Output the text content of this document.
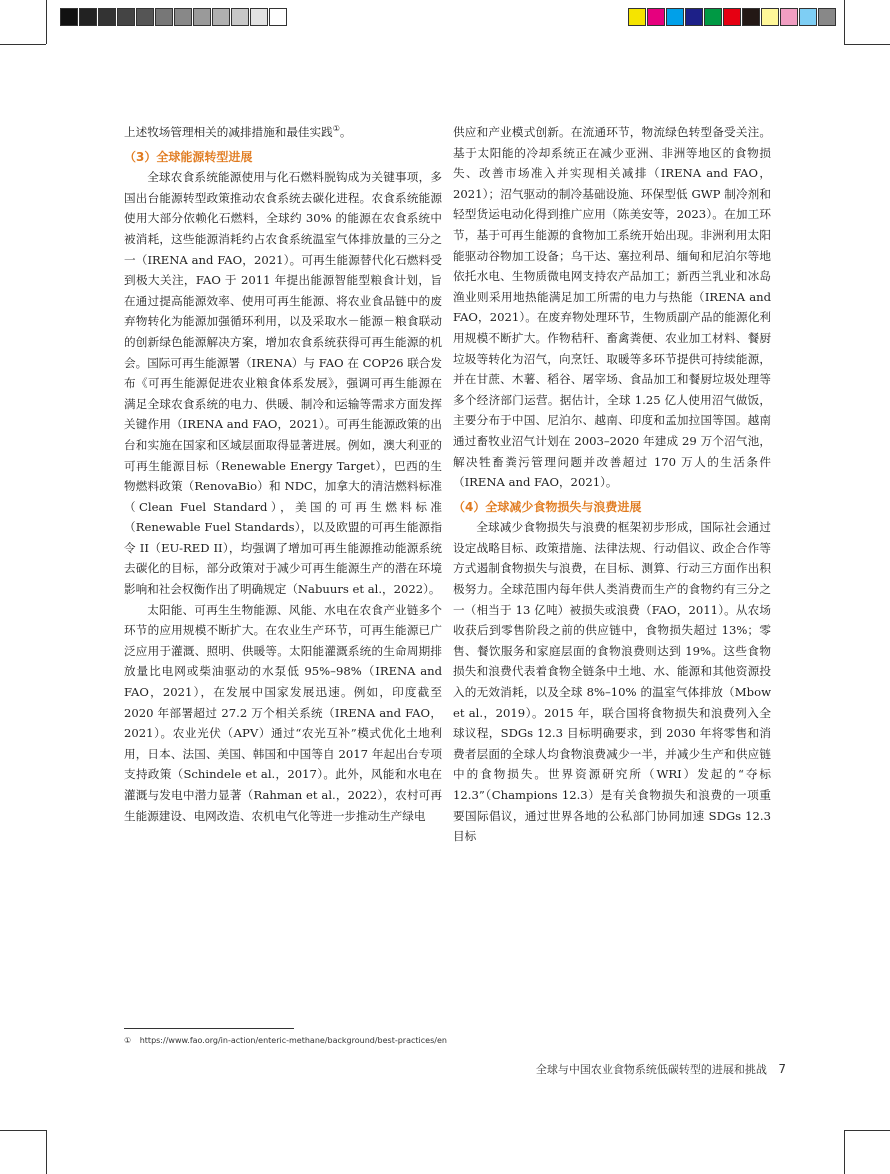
上述牧场管理相关的减排措施和最佳实践①。

（3）全球能源转型进展

全球农食系统能源使用与化石燃料脱钩成为关键事项，多国出台能源转型政策推动农食系统去碳化进程。农食系统能源使用大部分依赖化石燃料，全球约 30% 的能源在农食系统中被消耗，这些能源消耗约占农食系统温室气体排放量的三分之一（IRENA and FAO，2021）。可再生能源替代化石燃料受到极大关注，FAO 于 2011 年提出能源智能型粮食计划，旨在通过提高能源效率、使用可再生能源、将农业食品链中的废弃物转化为能源加强循环利用，以及采取水－能源－粮食联动的创新绿色能源解决方案，增加农食系统获得可再生能源的机会。国际可再生能源署（IRENA）与 FAO 在 COP26 联合发布《可再生能源促进农业粮食体系发展》，强调可再生能源在满足全球农食系统的电力、供暖、制冷和运输等需求方面发挥关键作用（IRENA and FAO，2021）。可再生能源政策的出台和实施在国家和区域层面取得显著进展。例如，澳大利亚的可再生能源目标（Renewable Energy Target），巴西的生物燃料政策（RenovaBio）和 NDC，加拿大的清洁燃料标准（Clean Fuel Standard），美国的可再生燃料标准（Renewable Fuel Standards），以及欧盟的可再生能源指令 II（EU-RED II），均强调了增加可再生能源推动能源系统去碳化的目标，部分政策对于减少可再生能源生产的潜在环境影响和社会权衡作出了明确规定（Nabuurs et al.，2022）。

太阳能、可再生生物能源、风能、水电在农食产业链多个环节的应用规模不断扩大。在农业生产环节，可再生能源已广泛应用于灌溉、照明、供暖等。太阳能灌溉系统的生命周期排放量比电网或柴油驱动的水泵低 95%–98%（IRENA and FAO，2021），在发展中国家发展迅速。例如，印度截至 2020 年部署超过 27.2 万个相关系统（IRENA and FAO，2021）。农业光伏（APV）通过“农光互补”模式优化土地利用，日本、法国、美国、韩国和中国等自 2017 年起出台专项支持政策（Schindele et al.，2017）。此外，风能和水电在灌溉与发电中潜力显著（Rahman et al.，2022），农村可再生能源建设、电网改造、农机电气化等进一步推动生产绿电

供应和产业模式创新。在流通环节，物流绿色转型备受关注。基于太阳能的冷却系统正在减少亚洲、非洲等地区的食物损失、改善市场准入并实现相关减排（IRENA and FAO，2021）；沼气驱动的制冷基础设施、环保型低 GWP 制冷剂和轻型货运电动化得到推广应用（陈美安等，2023）。在加工环节，基于可再生能源的食物加工系统开始出现。非洲利用太阳能驱动谷物加工设备；乌干达、塞拉利昂、缅甸和尼泊尔等地依托水电、生物质微电网支持农产品加工；新西兰乳业和冰岛渔业则采用地热能满足加工所需的电力与热能（IRENA and FAO，2021）。在废弃物处理环节，生物质副产品的能源化利用规模不断扩大。作物秸秆、畜禽粪便、农业加工材料、餐厨垃圾等转化为沼气，向烹饪、取暖等多环节提供可持续能源，并在甘蔗、木薯、稻谷、屠宰场、食品加工和餐厨垃圾处理等多个经济部门运营。据估计，全球 1.25 亿人使用沼气做饭，主要分布于中国、尼泊尔、越南、印度和孟加拉国等国。越南通过畜牧业沼气计划在 2003–2020 年建成 29 万个沼气池，解决牲畜粪污管理问题并改善超过 170 万人的生活条件（IRENA and FAO，2021）。

（4）全球减少食物损失与浪费进展

全球减少食物损失与浪费的框架初步形成，国际社会通过设定战略目标、政策措施、法律法规、行动倡议、政企合作等方式遏制食物损失与浪费，在目标、测算、行动三方面作出积极努力。全球范围内每年供人类消费而生产的食物约有三分之一（相当于 13 亿吨）被损失或浪费（FAO，2011）。从农场收获后到零售阶段之前的供应链中，食物损失超过 13%；零售、餐饮服务和家庭层面的食物浪费则达到 19%。这些食物损失和浪费代表着食物全链条中土地、水、能源和其他资源投入的无效消耗，以及全球 8%–10% 的温室气体排放（Mbow et al.，2019）。2015 年，联合国将食物损失和浪费列入全球议程，SDGs 12.3 目标明确要求，到 2030 年将零售和消费者层面的全球人均食物浪费减少一半，并减少生产和供应链中的食物损失。世界资源研究所（WRI）发起的“夺标 12.3”（Champions 12.3）是有关食物损失和浪费的一项重要国际倡议，通过世界各地的公私部门协同加速 SDGs 12.3 目标

① https://www.fao.org/in-action/enteric-methane/background/best-practices/en
全球与中国农业食物系统低碳转型的进展和挑战 7
